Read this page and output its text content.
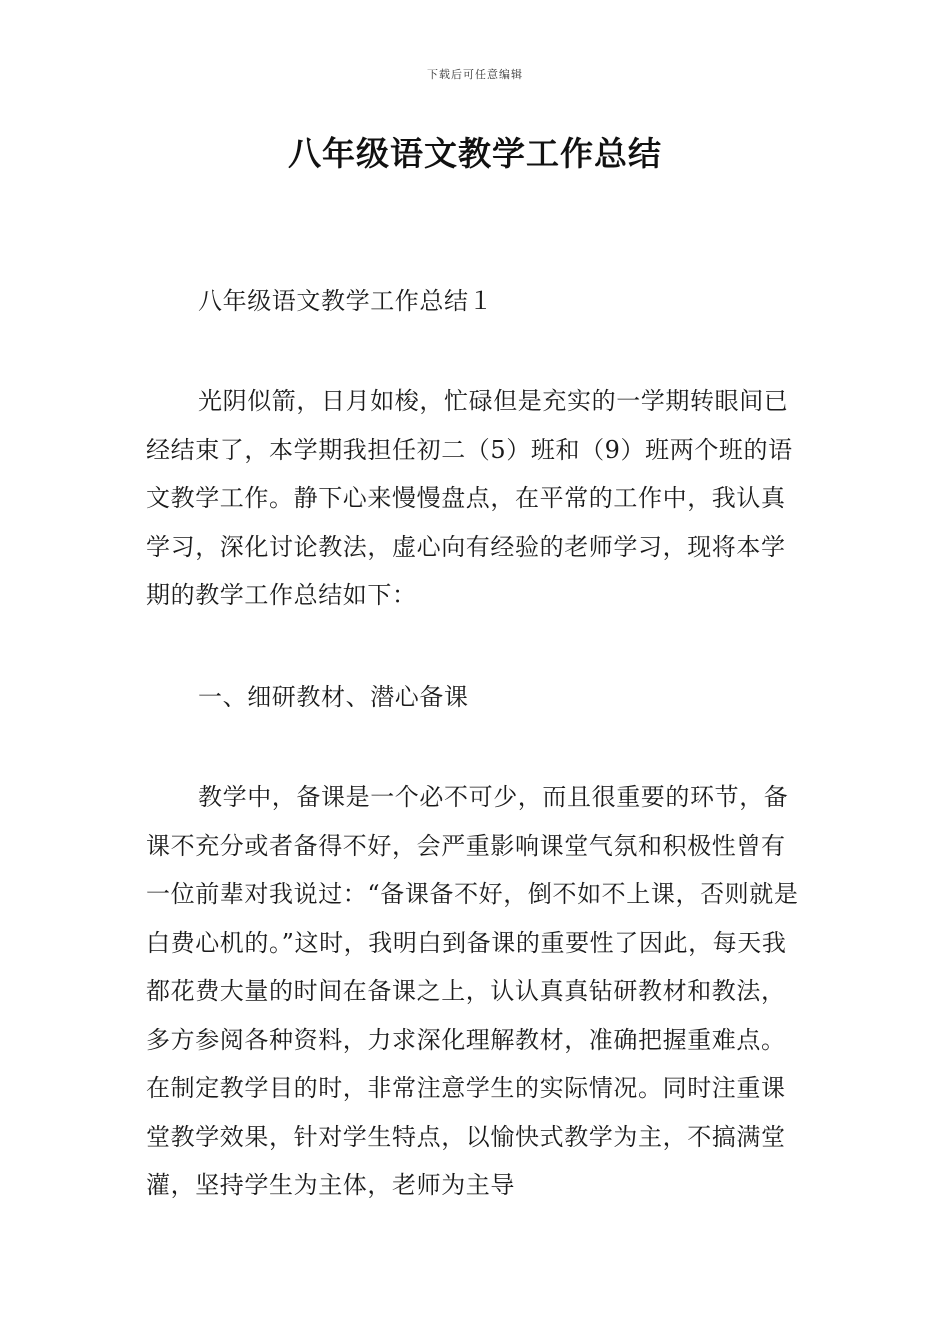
下载后可任意编辑
八年级语文教学工作总结

八年级语文教学工作总结１

光阴似箭，日月如梭，忙碌但是充实的一学期转眼间已经结束了，本学期我担任初二（5）班和（9）班两个班的语文教学工作。静下心来慢慢盘点，在平常的工作中，我认真学习，深化讨论教法，虚心向有经验的老师学习，现将本学期的教学工作总结如下：

一、细研教材、潜心备课

教学中，备课是一个必不可少，而且很重要的环节，备课不充分或者备得不好，会严重影响课堂气氛和积极性曾有一位前辈对我说过：“备课备不好，倒不如不上课，否则就是白费心机的。”这时，我明白到备课的重要性了因此，每天我都花费大量的时间在备课之上，认认真真钻研教材和教法，多方参阅各种资料，力求深化理解教材，准确把握重难点。在制定教学目的时，非常注意学生的实际情况。同时注重课堂教学效果，针对学生特点，以愉快式教学为主，不搞满堂灌，坚持学生为主体，老师为主导
